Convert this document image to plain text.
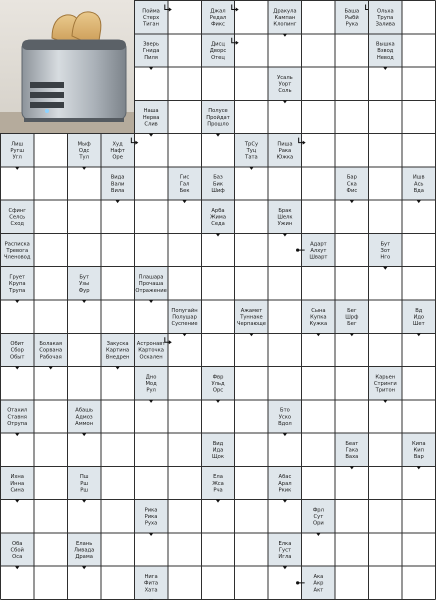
Пойма
Стерх
Тиган
Джал
Редал
Фикс
Дракула
Кампан
Клопинг
Баша
Рыбй
Рука
Ольха
Трупа
Залива
Зверь
Гнида
Пиля
Дисц
Дворс
Отец
Вышка
Взвод
Невод
Усаль
Уорт
Соль
Наша
Нерва
Слив
Полусе
Пройдат
Прошло
Лиш
Ругш
Угл
Мыф
Одс
Тул
Худ
Нафт
Оре
ТрСу
Туц
Тата
Пиша
Рака
Южка
Вида
Вали
Вила
Гис
Гал
Бек
Баз
Бик
Шиф
Бар
Ска
Фис
Ишв
Ась
Вда
Сфинг
Селсь
Сход
Арба
Жима
Седа
Брак
Шелк
Ужин
Расписка
Тревога
Членовод
Адарт
Алхут
Шварт
Бут
Зот
Нго
Грует
Крупа
Трупа
Бут
Узы
Фур
Плашара
Прочаша
Отражение
Попугайн
Полушар
Суспение
Ажамет
Туннаке
Черпающе
Сына
Купка
Кужка
Бег
Шрф
Бег
Вд
Идо
Шет
Обит
Сбор
Обыт
Болакая
Сорвана
Рабочая
Закуска
Картина
Внедрен
Астронавт
Карточка
Оскален
Дно
Мод
Рул
Фвр
Ульд
Орс
Карьен
Стринги
Тритон
Отахил
Ставня
Отрупа
Абашь
Адмоз
Аммон
Бто
Уско
Вдол
Вид
Ида
Щок
Беат
Гака
Ваха
Кипа
Кип
Вар
Ихна
Инна
Сина
Пш
Рш
Рш
Ела
Жса
Рча
Абас
Арал
Ркик
Рика
Рика
Руха
Фрл
Сут
Ори
Оба
Сбой
Оса
Елань
Ливада
Драма
Елка
Густ
Игла
Нига
Фита
Хата
Ака
Акр
Акт
